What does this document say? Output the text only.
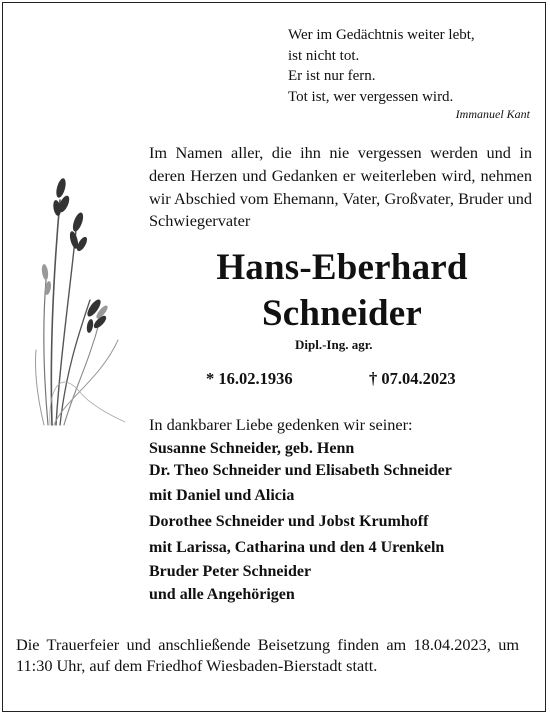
Wer im Gedächtnis weiter lebt,
ist nicht tot.
Er ist nur fern.
Tot ist, wer vergessen wird.
Immanuel Kant
Im Namen aller, die ihn nie vergessen werden und in deren Herzen und Gedanken er weiterleben wird, nehmen wir Abschied vom Ehemann, Vater, Großvater, Bruder und Schwiegervater
Hans-Eberhard
Schneider
Dipl.-Ing. agr.
* 16.02.1936	† 07.04.2023
In dankbarer Liebe gedenken wir seiner:
Susanne Schneider, geb. Henn
Dr. Theo Schneider und Elisabeth Schneider
mit Daniel und Alicia
Dorothee Schneider und Jobst Krumhoff
mit Larissa, Catharina und den 4 Urenkeln
Bruder Peter Schneider
und alle Angehörigen
Die Trauerfeier und anschließende Beisetzung finden am 18.04.2023, um 11:30 Uhr, auf dem Friedhof Wiesbaden-Bierstadt statt.
